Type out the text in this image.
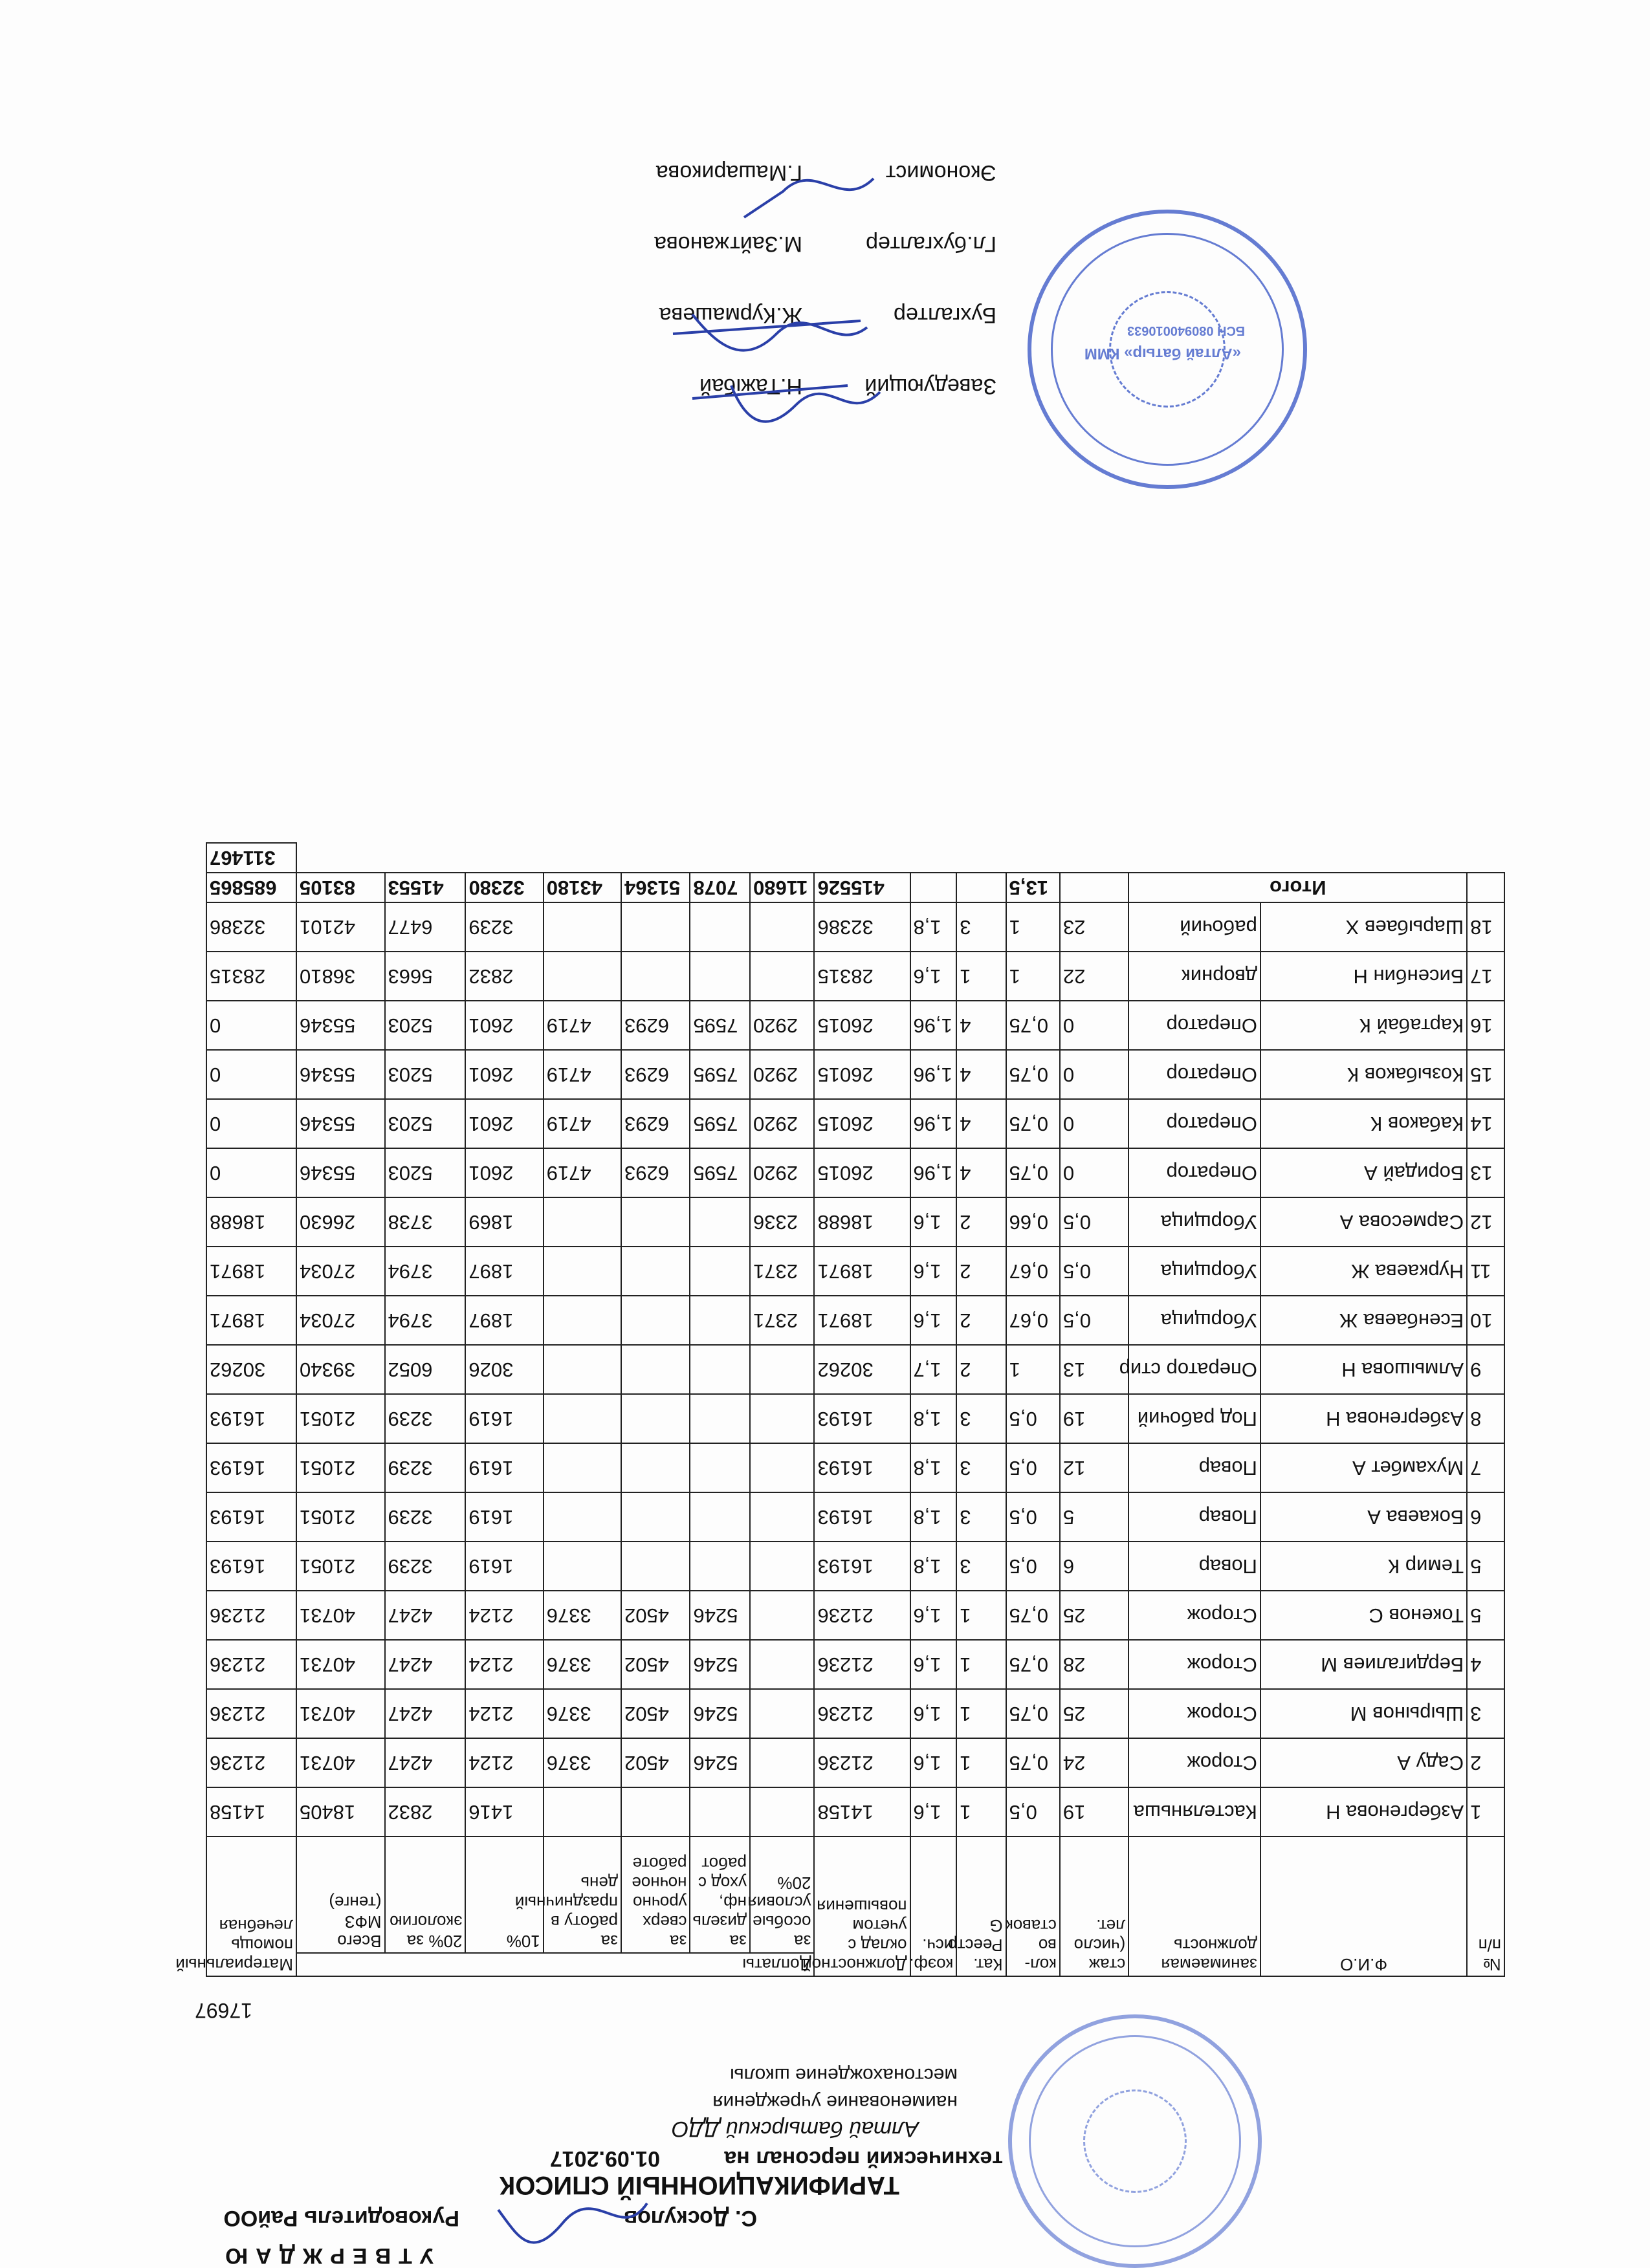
УТВЕРЖДАЮ
Руководитель РайОО	С. Доскулов
ТАРИФИКАЦИОННЫЙ СПИСОК
технический персонал на
01.09.2017
Алтай батырский ДДО
наименование учреждения
местонахождение школы
17697
№ п/п	Ф.И.О	занимаемая должность	стаж (число лет.	кол-во ставок	Кат. Реестр G	коэф. исч.	Должностной оклад с учетом повышения	Доплаты							Материальный помощь лечебная
								за особые условия 20%	за дизель нф, уход с работ	за сверх урочно ночное работе	за работу в праздничный день	10%	20% за экологию	Всего МФЗ (тенге)	
1	Азбергенова Н	Кастеляньша	19	0,5	1	1,6	14158					1416	2832	18405	14158
2	Саду А	Сторож	24	0,75	1	1,6	21236		5246	4502	3376	2124	4247	40731	21236
3	Шырынов М	Сторож	25	0,75	1	1,6	21236		5246	4502	3376	2124	4247	40731	21236
4	Бердигалиев М	Сторож	28	0,75	1	1,6	21236		5246	4502	3376	2124	4247	40731	21236
5	Токенов С	Сторож	25	0,75	1	1,6	21236		5246	4502	3376	2124	4247	40731	21236
5	Темир К	Повар	6	0,5	3	1,8	16193					1619	3239	21051	16193
6	Бокаева А	Повар	5	0,5	3	1,8	16193					1619	3239	21051	16193
7	Мухамбет А	Повар	12	0,5	3	1,8	16193					1619	3239	21051	16193
8	Азбергенова Н	Под рабочий	19	0,5	3	1,8	16193					1619	3239	21051	16193
9	Алмышова Н	Оператор стир	13	1	2	1,7	30262					3026	6052	39340	30262
10	Есенбаева Ж	Уборщица	0,5	0,67	2	1,6	18971	2371				1897	3794	27034	18971
11	Нуркаева Ж	Уборщица	0,5	0,67	2	1,6	18971	2371				1897	3794	27034	18971
12	Сармесова А	Уборщица	0,5	0,66	2	1,6	18688	2336				1869	3738	26630	18688
13	Боридай А	Оператор	0	0,75	4	1,96	26015	2920	7595	6293	4719	2601	5203	55346	0
14	Кабаков К	Оператор	0	0,75	4	1,96	26015	2920	7595	6293	4719	2601	5203	55346	0
15	Козыбаков К	Оператор	0	0,75	4	1,96	26015	2920	7595	6293	4719	2601	5203	55346	0
16	Картабай К	Оператор	0	0,75	4	1,96	26015	2920	7595	6293	4719	2601	5203	55346	0
17	Бисенбин Н	дворник	22	1	1	1,6	28315					2832	5663	36810	28315
18	Шарыбаев Х	рабочий	23	1	3	1,8	32386					3239	6477	42101	32386
	Итого			13,5			415526	11680	7078	51364	43180	32380	41553	83105	685865
															311467
Заведующий
Н.Тажібай
Бухгалтер
Ж.Курмашева
Гл.бухгалтер
М.Зайтжанова
Экономист
Г.Машарикова
«Алтай батыр» КММ
БСН 080940010633
